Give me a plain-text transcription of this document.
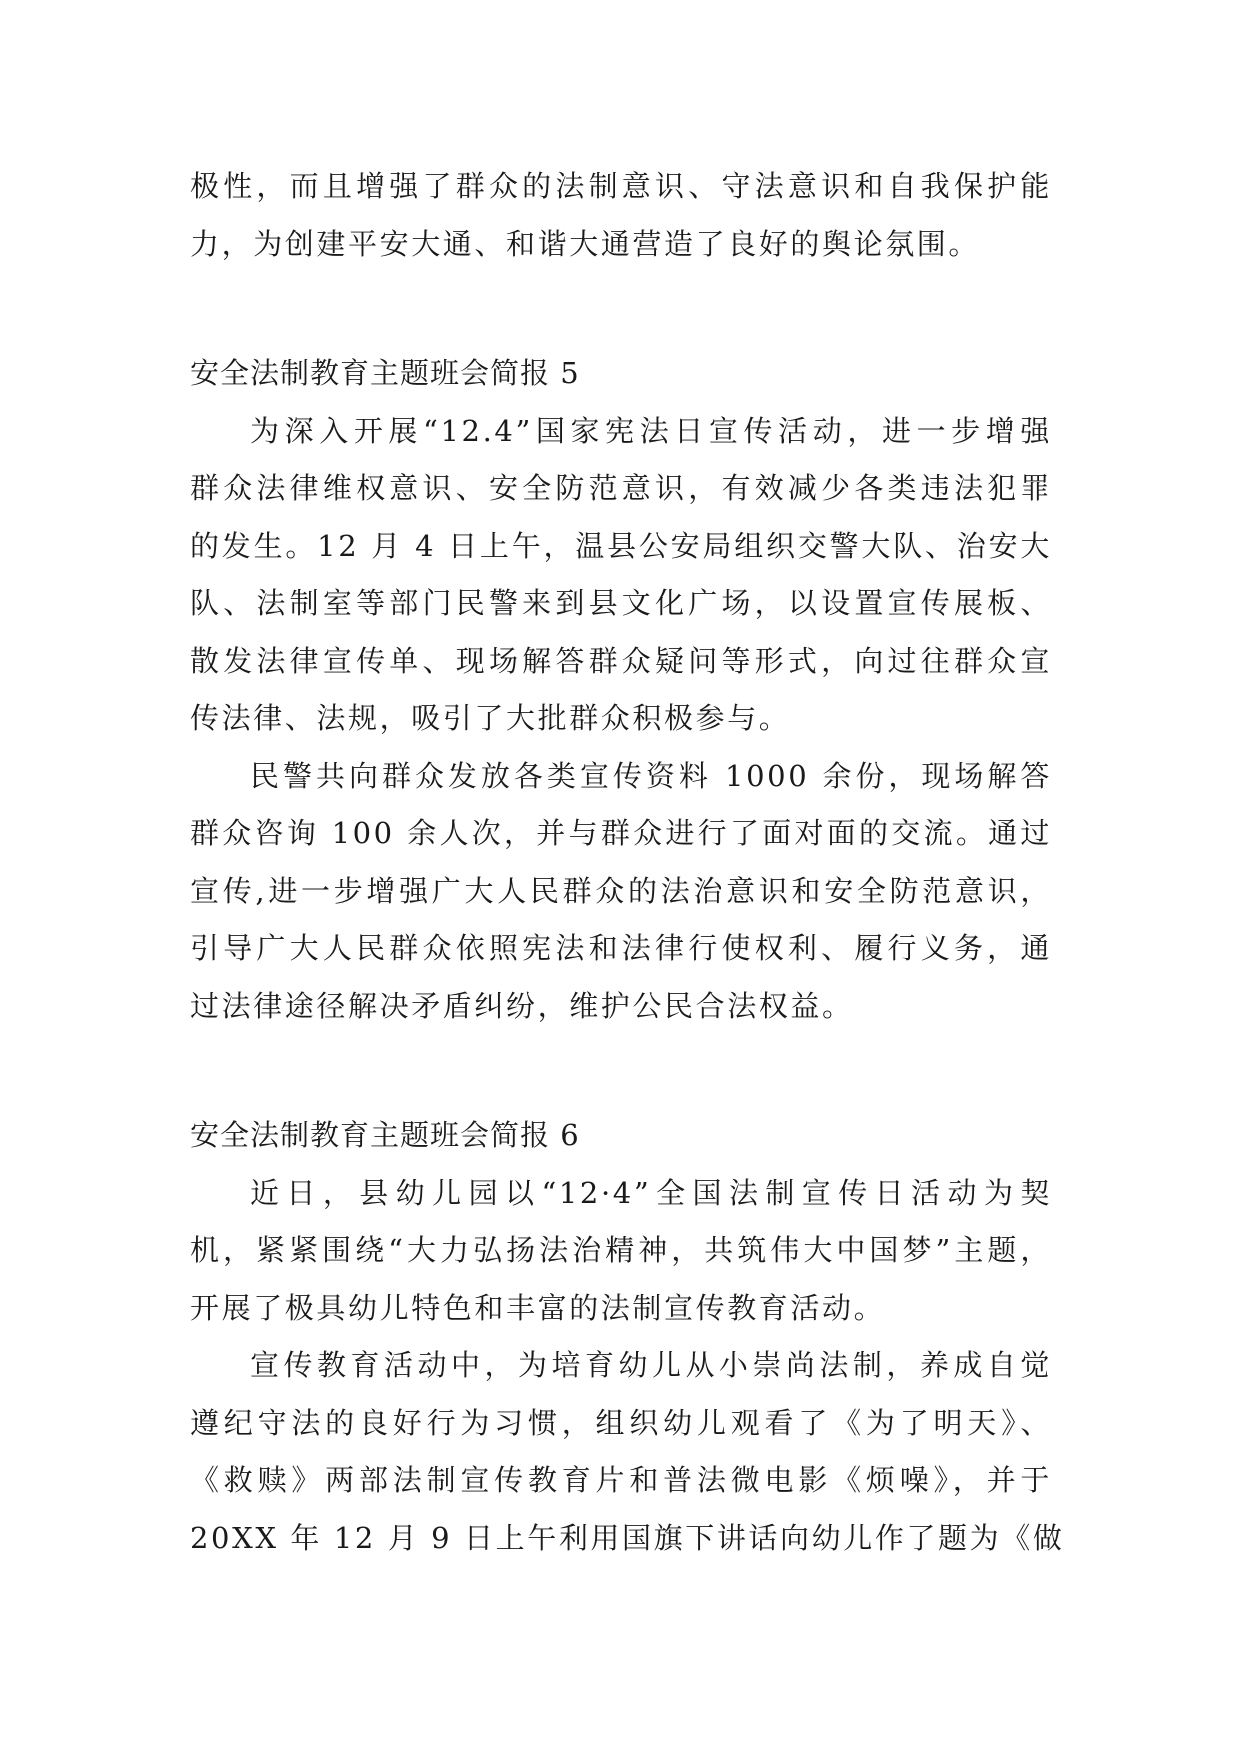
极性，而且增强了群众的法制意识、守法意识和自我保护能
力，为创建平安大通、和谐大通营造了良好的舆论氛围。
安全法制教育主题班会简报 5
为深入开展“12.4”国家宪法日宣传活动，进一步增强
群众法律维权意识、安全防范意识，有效减少各类违法犯罪
的发生。12 月 4 日上午，温县公安局组织交警大队、治安大
队、法制室等部门民警来到县文化广场，以设置宣传展板、
散发法律宣传单、现场解答群众疑问等形式，向过往群众宣
传法律、法规，吸引了大批群众积极参与。
民警共向群众发放各类宣传资料 1000 余份，现场解答
群众咨询 100 余人次，并与群众进行了面对面的交流。通过
宣传,进一步增强广大人民群众的法治意识和安全防范意识，
引导广大人民群众依照宪法和法律行使权利、履行义务，通
过法律途径解决矛盾纠纷，维护公民合法权益。
安全法制教育主题班会简报 6
近日，县幼儿园以“12·4”全国法制宣传日活动为契
机，紧紧围绕“大力弘扬法治精神，共筑伟大中国梦”主题，
开展了极具幼儿特色和丰富的法制宣传教育活动。
宣传教育活动中，为培育幼儿从小崇尚法制，养成自觉
遵纪守法的良好行为习惯，组织幼儿观看了《为了明天》、
《救赎》两部法制宣传教育片和普法微电影《烦噪》，并于
20XX 年 12 月 9 日上午利用国旗下讲话向幼儿作了题为《做
